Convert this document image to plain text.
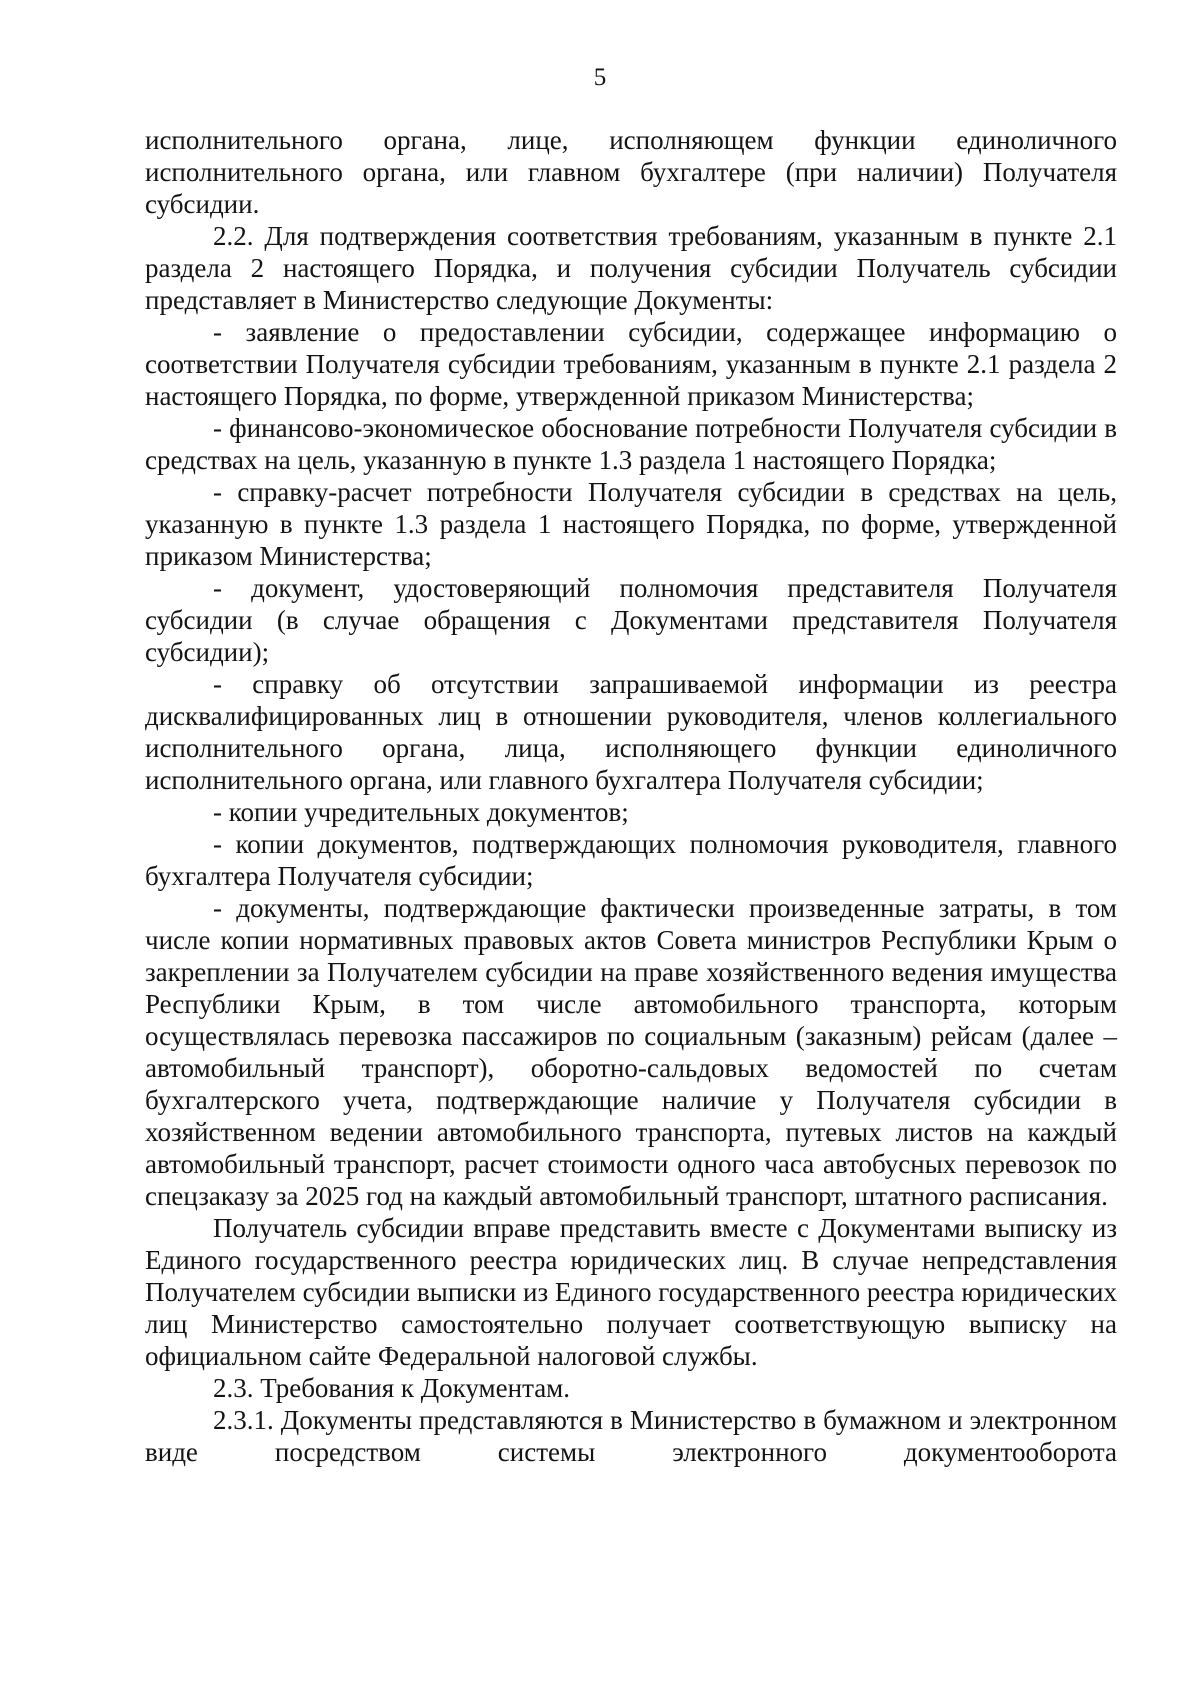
5

исполнительного органа, лице, исполняющем функции единоличного исполнительного органа, или главном бухгалтере (при наличии) Получателя субсидии.

2.2. Для подтверждения соответствия требованиям, указанным в пункте 2.1 раздела 2 настоящего Порядка, и получения субсидии Получатель субсидии представляет в Министерство следующие Документы:

- заявление о предоставлении субсидии, содержащее информацию о соответствии Получателя субсидии требованиям, указанным в пункте 2.1 раздела 2 настоящего Порядка, по форме, утвержденной приказом Министерства;

- финансово-экономическое обоснование потребности Получателя субсидии в средствах на цель, указанную в пункте 1.3 раздела 1 настоящего Порядка;

- справку-расчет потребности Получателя субсидии в средствах на цель, указанную в пункте 1.3 раздела 1 настоящего Порядка, по форме, утвержденной приказом Министерства;

- документ, удостоверяющий полномочия представителя Получателя субсидии (в случае обращения с Документами представителя Получателя субсидии);

- справку об отсутствии запрашиваемой информации из реестра дисквалифицированных лиц в отношении руководителя, членов коллегиального исполнительного органа, лица, исполняющего функции единоличного исполнительного органа, или главного бухгалтера Получателя субсидии;

- копии учредительных документов;

- копии документов, подтверждающих полномочия руководителя, главного бухгалтера Получателя субсидии;

- документы, подтверждающие фактически произведенные затраты, в том числе копии нормативных правовых актов Совета министров Республики Крым о закреплении за Получателем субсидии на праве хозяйственного ведения имущества Республики Крым, в том числе автомобильного транспорта, которым осуществлялась перевозка пассажиров по социальным (заказным) рейсам (далее – автомобильный транспорт), оборотно-сальдовых ведомостей по счетам бухгалтерского учета, подтверждающие наличие у Получателя субсидии в хозяйственном ведении автомобильного транспорта, путевых листов на каждый автомобильный транспорт, расчет стоимости одного часа автобусных перевозок по спецзаказу за 2025 год на каждый автомобильный транспорт, штатного расписания.

Получатель субсидии вправе представить вместе с Документами выписку из Единого государственного реестра юридических лиц. В случае непредставления Получателем субсидии выписки из Единого государственного реестра юридических лиц Министерство самостоятельно получает соответствующую выписку на официальном сайте Федеральной налоговой службы.

2.3. Требования к Документам.

2.3.1. Документы представляются в Министерство в бумажном и электронном виде посредством системы электронного документооборота
